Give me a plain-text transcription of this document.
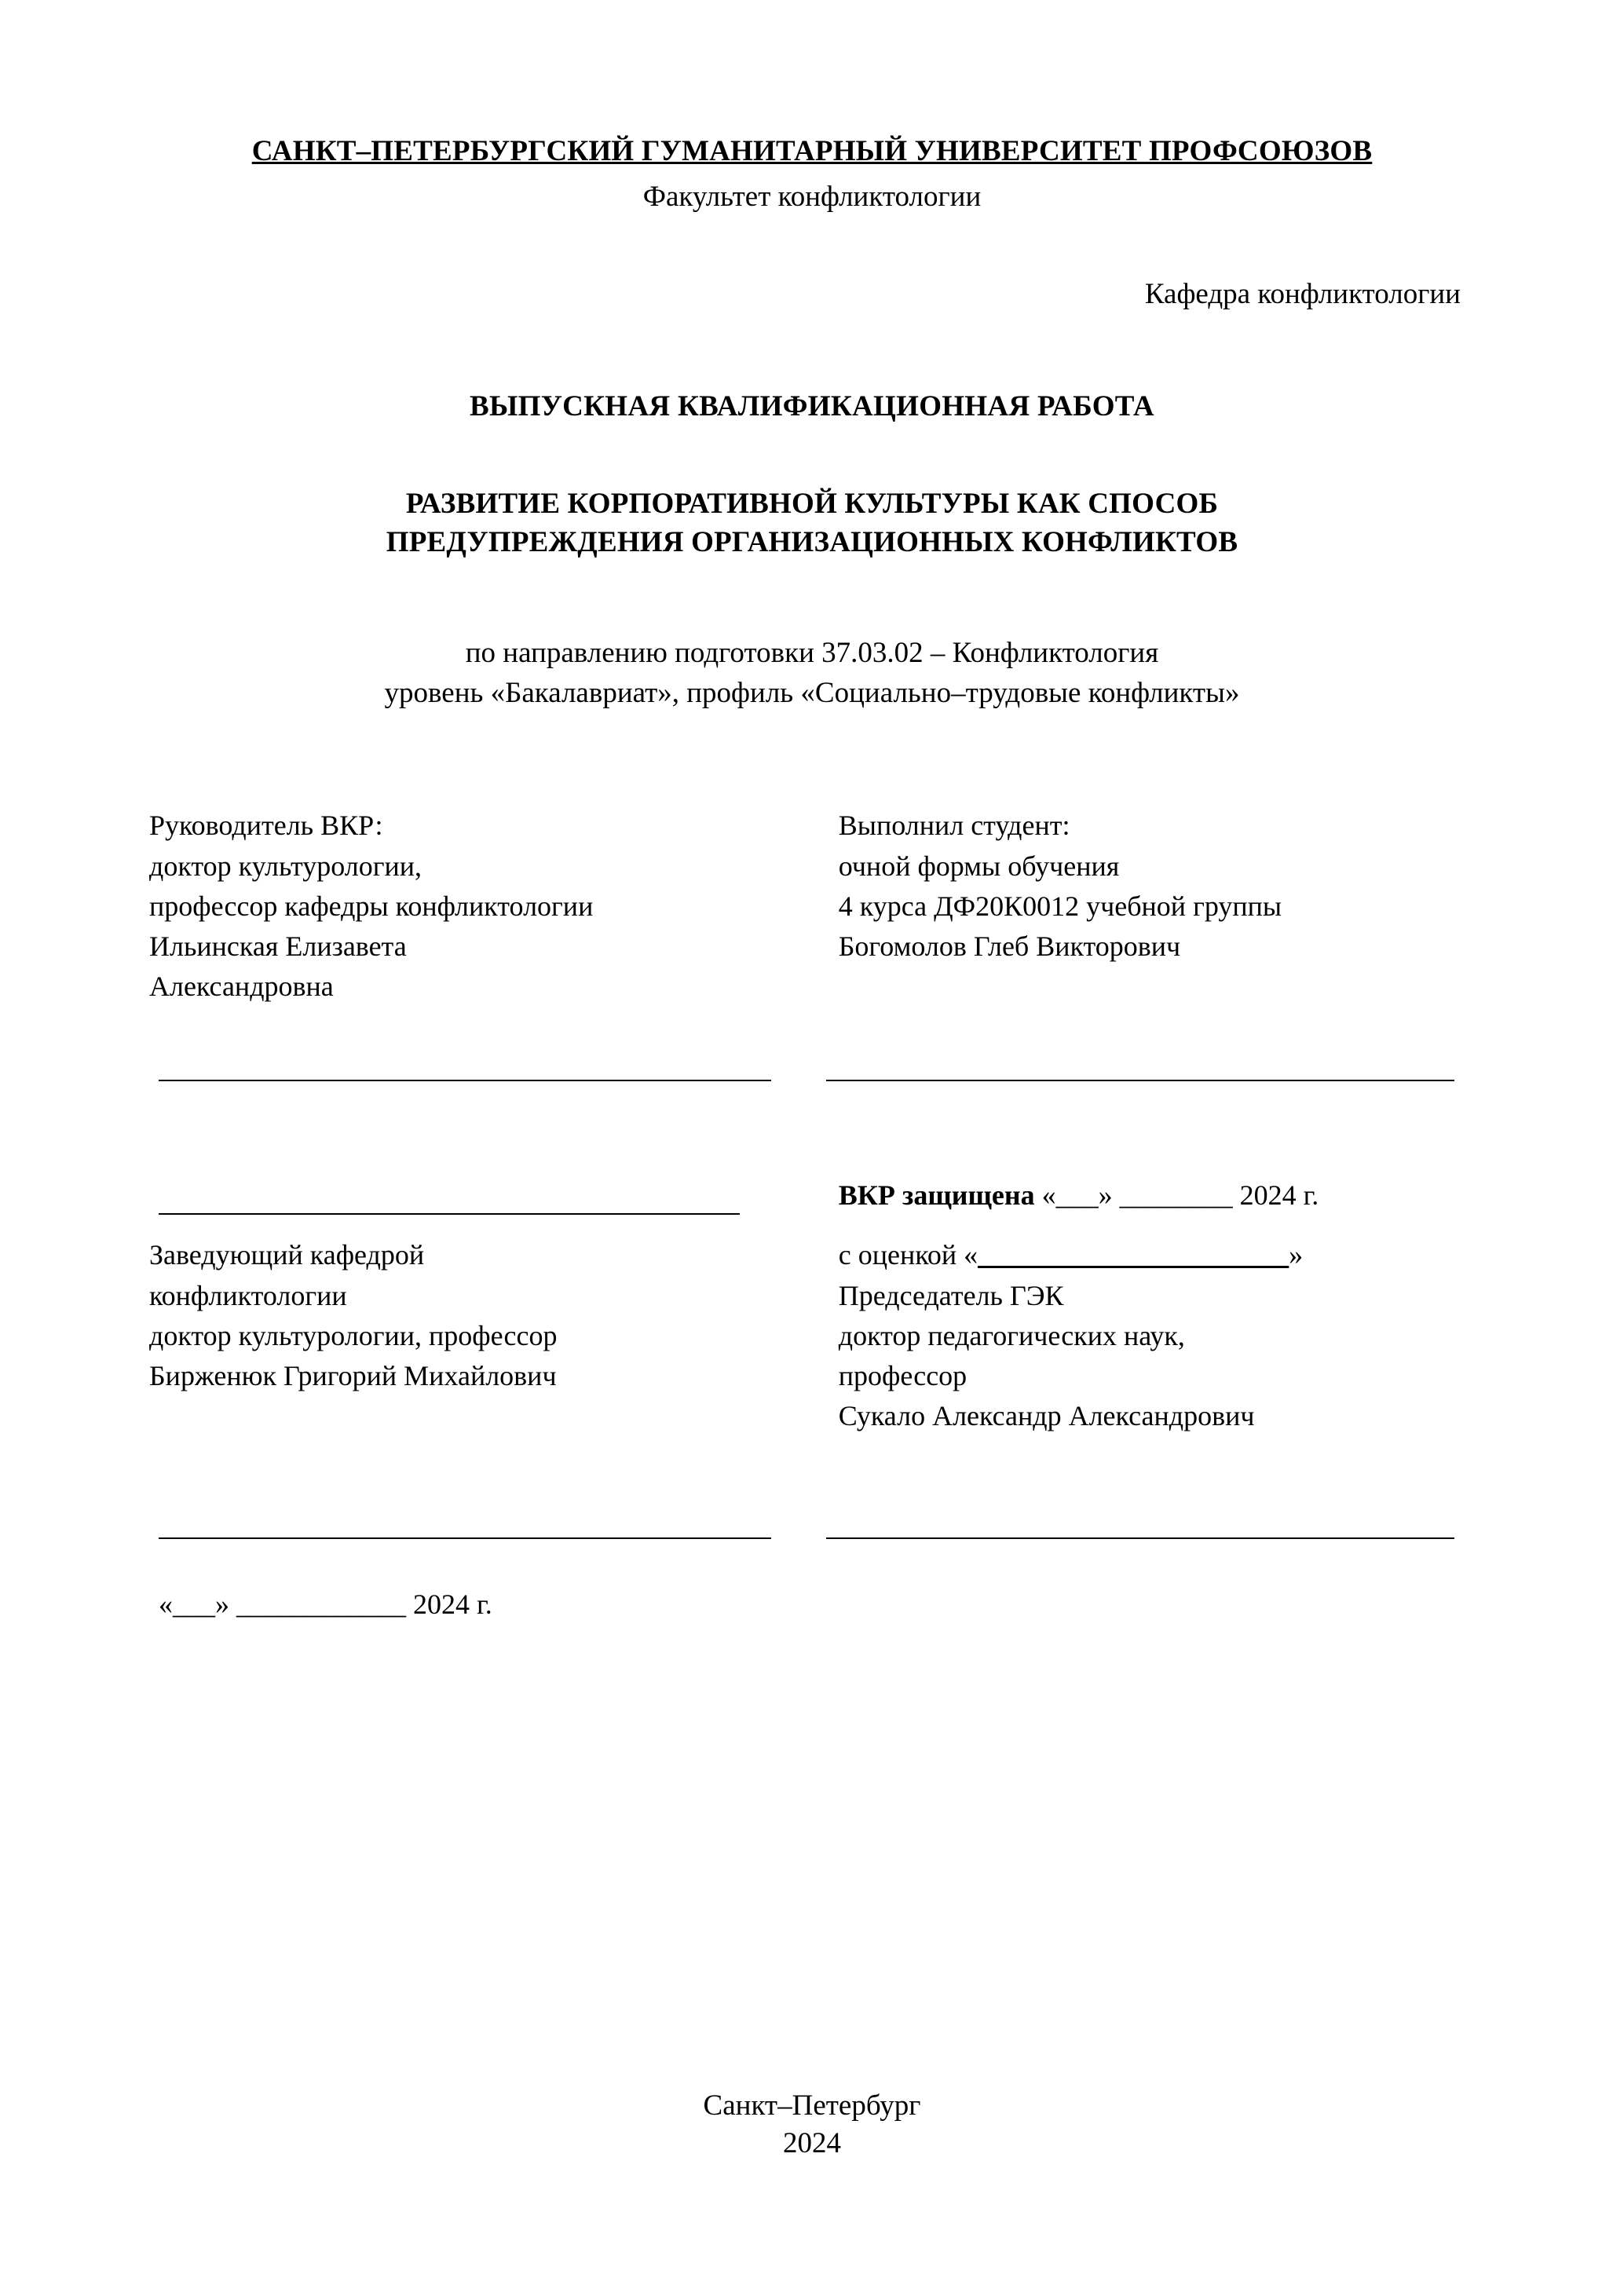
САНКТ–ПЕТЕРБУРГСКИЙ ГУМАНИТАРНЫЙ УНИВЕРСИТЕТ ПРОФСОЮЗОВ
Факультет конфликтологии
Кафедра конфликтологии
ВЫПУСКНАЯ КВАЛИФИКАЦИОННАЯ РАБОТА
РАЗВИТИЕ КОРПОРАТИВНОЙ КУЛЬТУРЫ КАК СПОСОБ
ПРЕДУПРЕЖДЕНИЯ ОРГАНИЗАЦИОННЫХ КОНФЛИКТОВ
по направлению подготовки 37.03.02 – Конфликтология
уровень «Бакалавриат», профиль «Социально–трудовые конфликты»
Руководитель ВКР:
доктор культурологии,
профессор кафедры конфликтологии
Ильинская Елизавета
Александровна
Выполнил студент:
очной формы обучения
4 курса ДФ20К0012 учебной группы
Богомолов Глеб Викторович
ВКР защищена «___» ________ 2024 г.
Заведующий кафедрой
конфликтологии
доктор культурологии, профессор
Бирженюк Григорий Михайлович
с оценкой «______________________»
Председатель ГЭК
доктор педагогических наук,
профессор
Сукало Александр Александрович
«___» ____________ 2024 г.
Санкт–Петербург
2024
